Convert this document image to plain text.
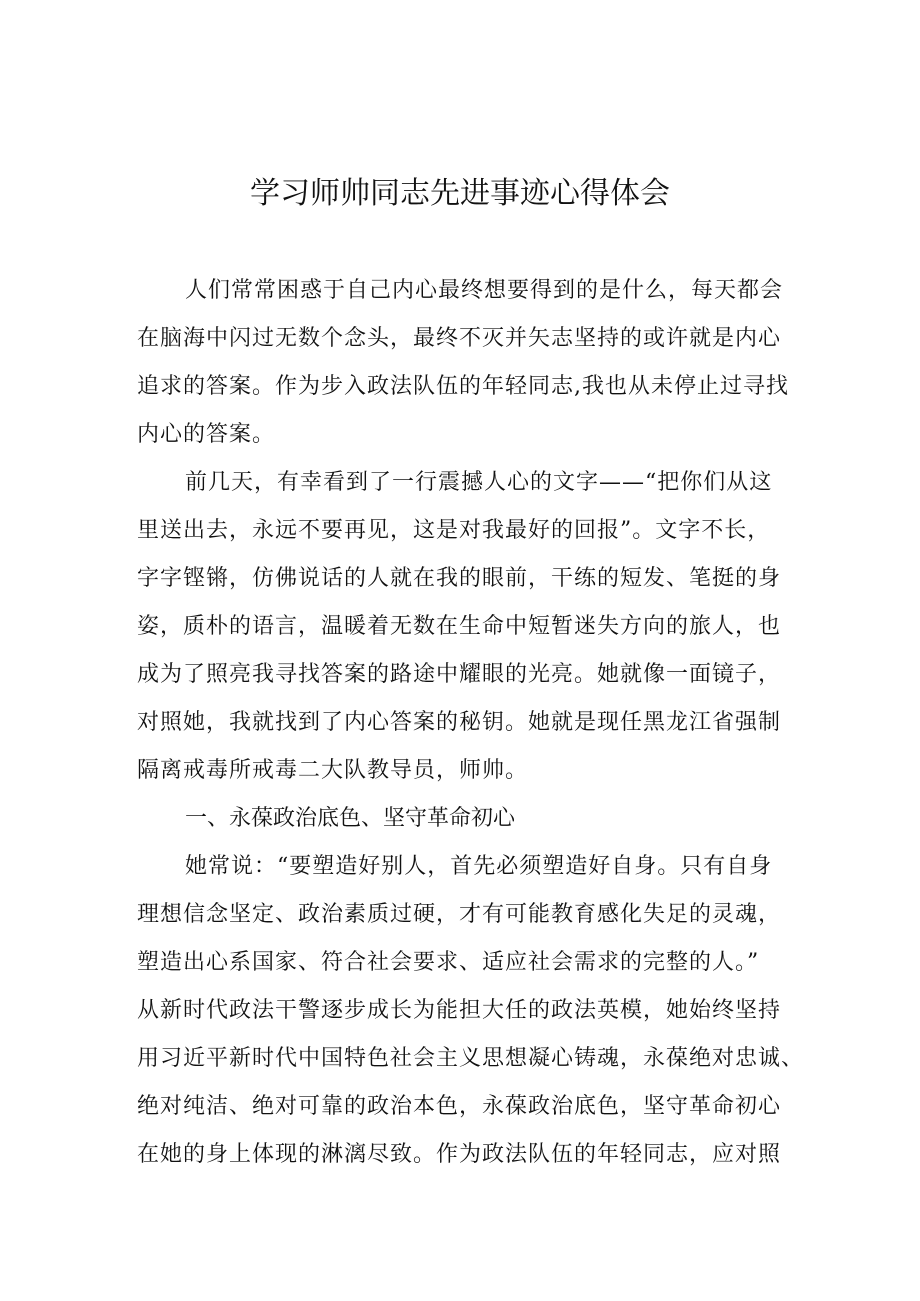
学习师帅同志先进事迹心得体会
人们常常困惑于自己内心最终想要得到的是什么，每天都会
在脑海中闪过无数个念头，最终不灭并矢志坚持的或许就是内心
追求的答案。作为步入政法队伍的年轻同志,我也从未停止过寻找
内心的答案。
前几天，有幸看到了一行震撼人心的文字——“把你们从这
里送出去，永远不要再见，这是对我最好的回报”。文字不长，
字字铿锵，仿佛说话的人就在我的眼前，干练的短发、笔挺的身
姿，质朴的语言，温暖着无数在生命中短暂迷失方向的旅人，也
成为了照亮我寻找答案的路途中耀眼的光亮。她就像一面镜子，
对照她，我就找到了内心答案的秘钥。她就是现任黑龙江省强制
隔离戒毒所戒毒二大队教导员，师帅。
一、永葆政治底色、坚守革命初心
她常说：“要塑造好别人，首先必须塑造好自身。只有自身
理想信念坚定、政治素质过硬，才有可能教育感化失足的灵魂，
塑造出心系国家、符合社会要求、适应社会需求的完整的人。”
从新时代政法干警逐步成长为能担大任的政法英模，她始终坚持
用习近平新时代中国特色社会主义思想凝心铸魂，永葆绝对忠诚、
绝对纯洁、绝对可靠的政治本色，永葆政治底色，坚守革命初心
在她的身上体现的淋漓尽致。作为政法队伍的年轻同志，应对照
